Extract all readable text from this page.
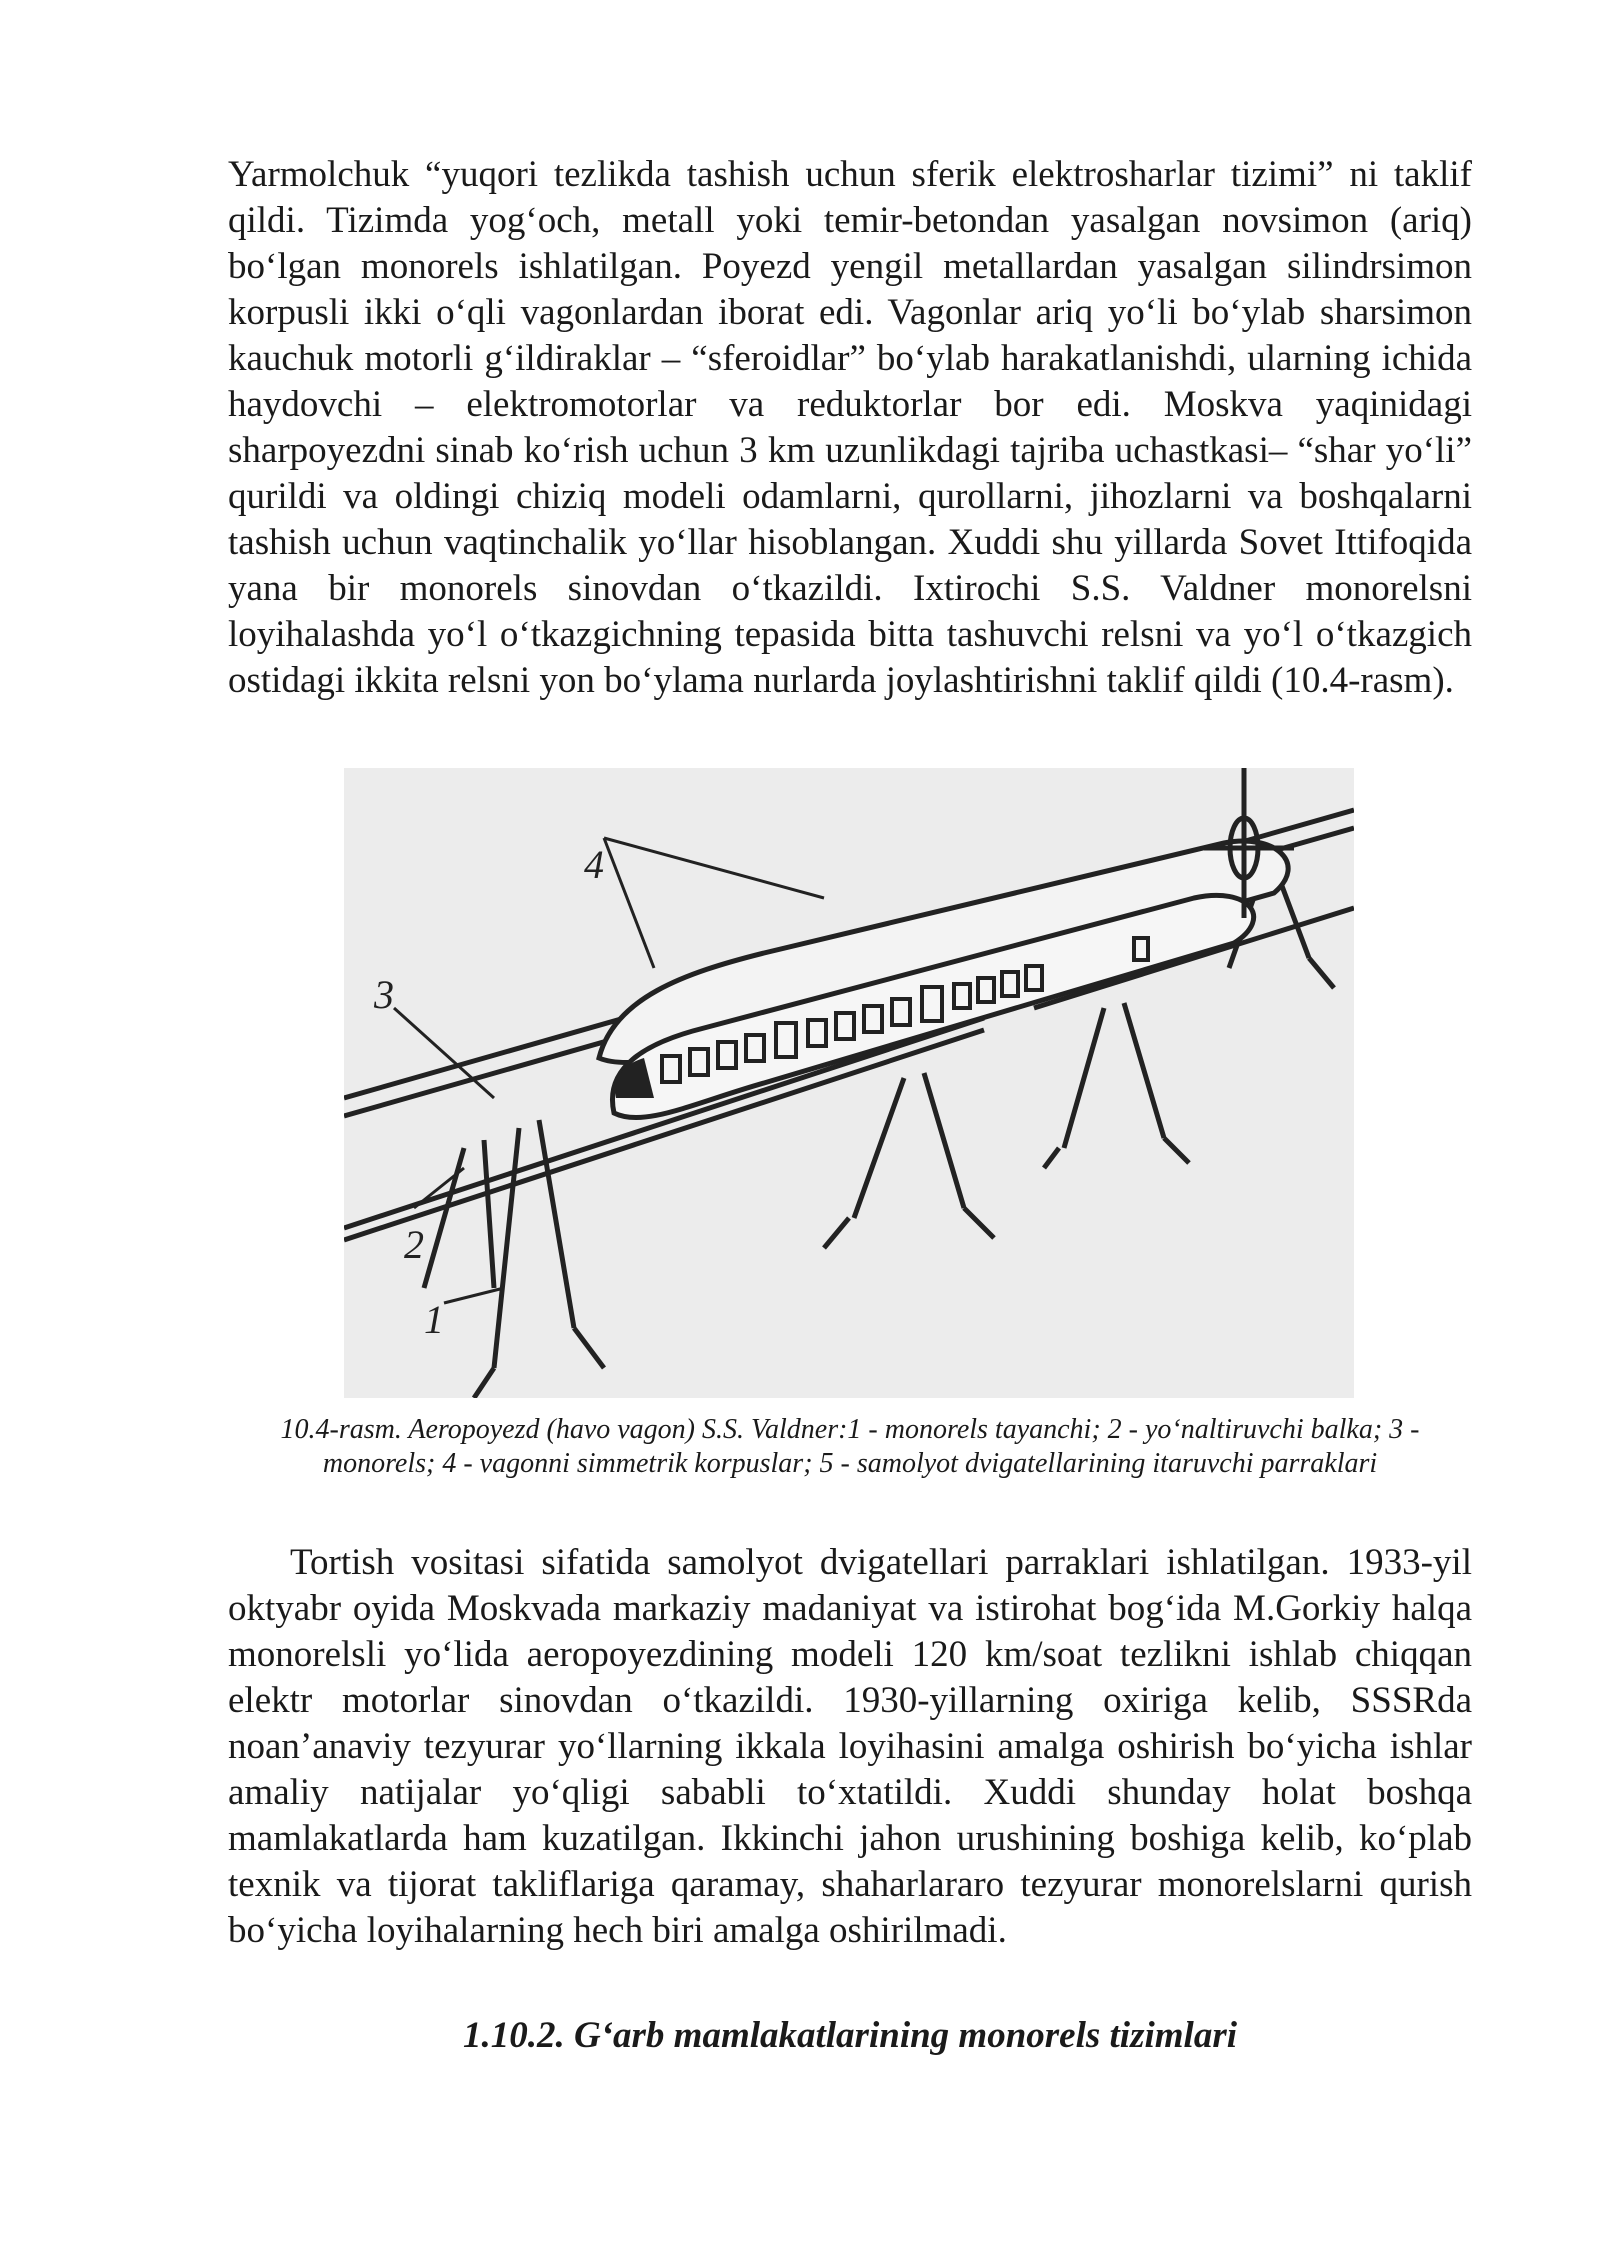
Yarmolchuk “yuqori tezlikda tashish uchun sferik elektrosharlar tizimi” ni taklif qildi. Tizimda yog‘och, metall yoki temir-betondan yasalgan novsimon (ariq) bo‘lgan monorels ishlatilgan. Poyezd yengil metallardan yasalgan silindrsimon korpusli ikki o‘qli vagonlardan iborat edi. Vagonlar ariq yo‘li bo‘ylab sharsimon kauchuk motorli g‘ildiraklar – “sferoidlar” bo‘ylab harakatlanishdi, ularning ichida haydovchi – elektromotorlar va reduktorlar bor edi. Moskva yaqinidagi sharpoyezdni sinab ko‘rish uchun 3 km uzunlikdagi tajriba uchastkasi– “shar yo‘li” qurildi va oldingi chiziq modeli odamlarni, qurollarni, jihozlarni va boshqalarni tashish uchun vaqtinchalik yo‘llar hisoblangan. Xuddi shu yillarda Sovet Ittifoqida yana bir monorels sinovdan o‘tkazildi. Ixtirochi S.S. Valdner monorelsni loyihalashda yo‘l o‘tkazgichning tepasida bitta tashuvchi relsni va yo‘l o‘tkazgich ostidagi ikkita relsni yon bo‘ylama nurlarda joylashtirishni taklif qildi (10.4-rasm).

4
3
2
1

10.4-rasm. Aeropoyezd (havo vagon) S.S. Valdner:1 - monorels tayanchi; 2 - yo‘naltiruvchi balka; 3 - monorels; 4 - vagonni simmetrik korpuslar; 5 - samolyot dvigatellarining itaruvchi parraklari

Tortish vositasi sifatida samolyot dvigatellari parraklari ishlatilgan. 1933-yil oktyabr oyida Moskvada markaziy madaniyat va istirohat bog‘ida M.Gorkiy halqa monorelsli yo‘lida aeropoyezdining modeli 120 km/soat tezlikni ishlab chiqqan elektr motorlar sinovdan o‘tkazildi. 1930-yillarning oxiriga kelib, SSSRda noan’anaviy tezyurar yo‘llarning ikkala loyihasini amalga oshirish bo‘yicha ishlar amaliy natijalar yo‘qligi sababli to‘xtatildi. Xuddi shunday holat boshqa mamlakatlarda ham kuzatilgan. Ikkinchi jahon urushining boshiga kelib, ko‘plab texnik va tijorat takliflariga qaramay, shaharlararo tezyurar monorelslarni qurish bo‘yicha loyihalarning hech biri amalga oshirilmadi.

1.10.2. G‘arb mamlakatlarining monorels tizimlari
